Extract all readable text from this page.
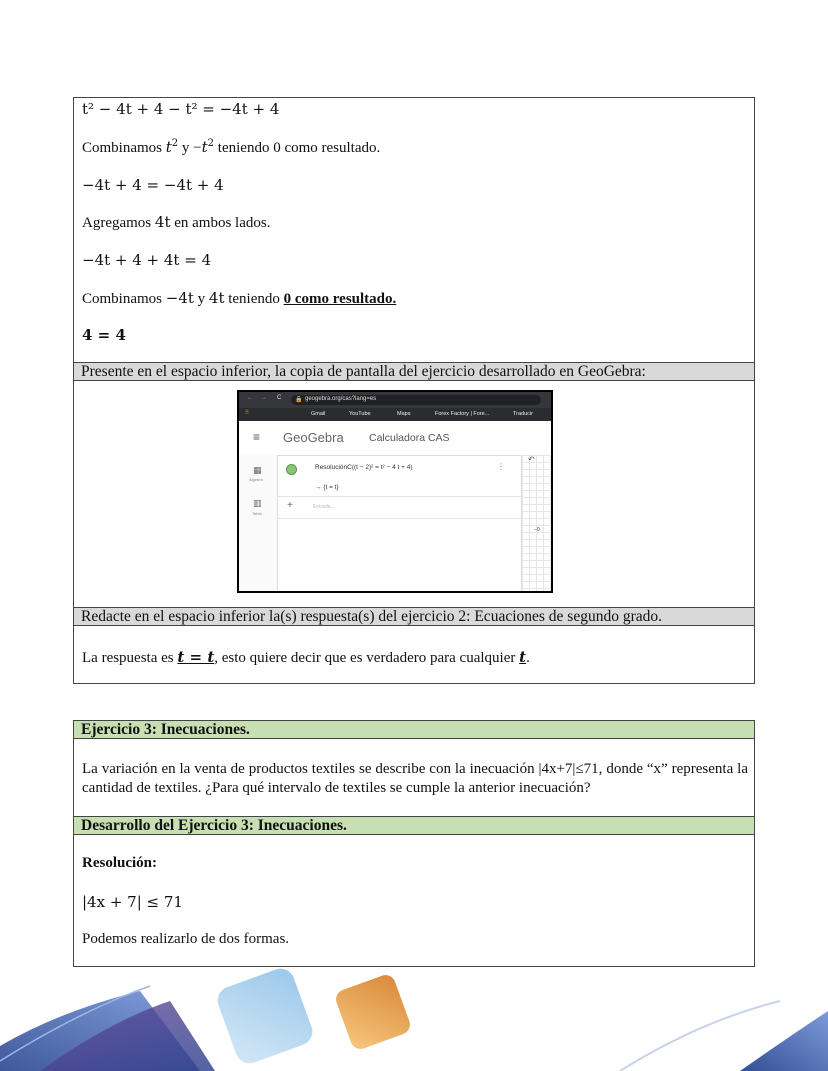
t² − 4t + 4 − t² = −4t + 4
Combinamos $t^2$ $y -t^2$ teniendo 0 como resultado.
−4t + 4 = −4t + 4
Agregamos 4t en ambos lados.
−4t + 4 + 4t = 4
Combinamos −4t y 4t teniendo 0 como resultado.
4 = 4
Presente en el espacio inferior, la copia de pantalla del ejercicio desarrollado en GeoGebra:
Redacte en el espacio inferior la(s) respuesta(s) del ejercicio 2: Ecuaciones de segundo grado.
La respuesta es t = t, esto quiere decir que es verdadero para cualquier t.
← → C 🔒 geogebra.org/cas?lang=es
⠿	Gmail	YouTube	Maps	Forex Factory | Fore...	Traducir
≡ GeoGebra Calculadora CAS
▦
Álgebra
▥
Tabla
ResoluciónC((t − 2)² = t² − 4 t + 4)	⋮
→ {t = t}
+	Entrada...
↶
−0
Ejercicio 3: Inecuaciones.
La variación en la venta de productos textiles se describe con la inecuación |4x+7|≤71, donde “x” representa la cantidad de textiles. ¿Para qué intervalo de textiles se cumple la anterior inecuación?
Desarrollo del Ejercicio 3: Inecuaciones.
Resolución:
|4x + 7| ≤ 71
Podemos realizarlo de dos formas.
